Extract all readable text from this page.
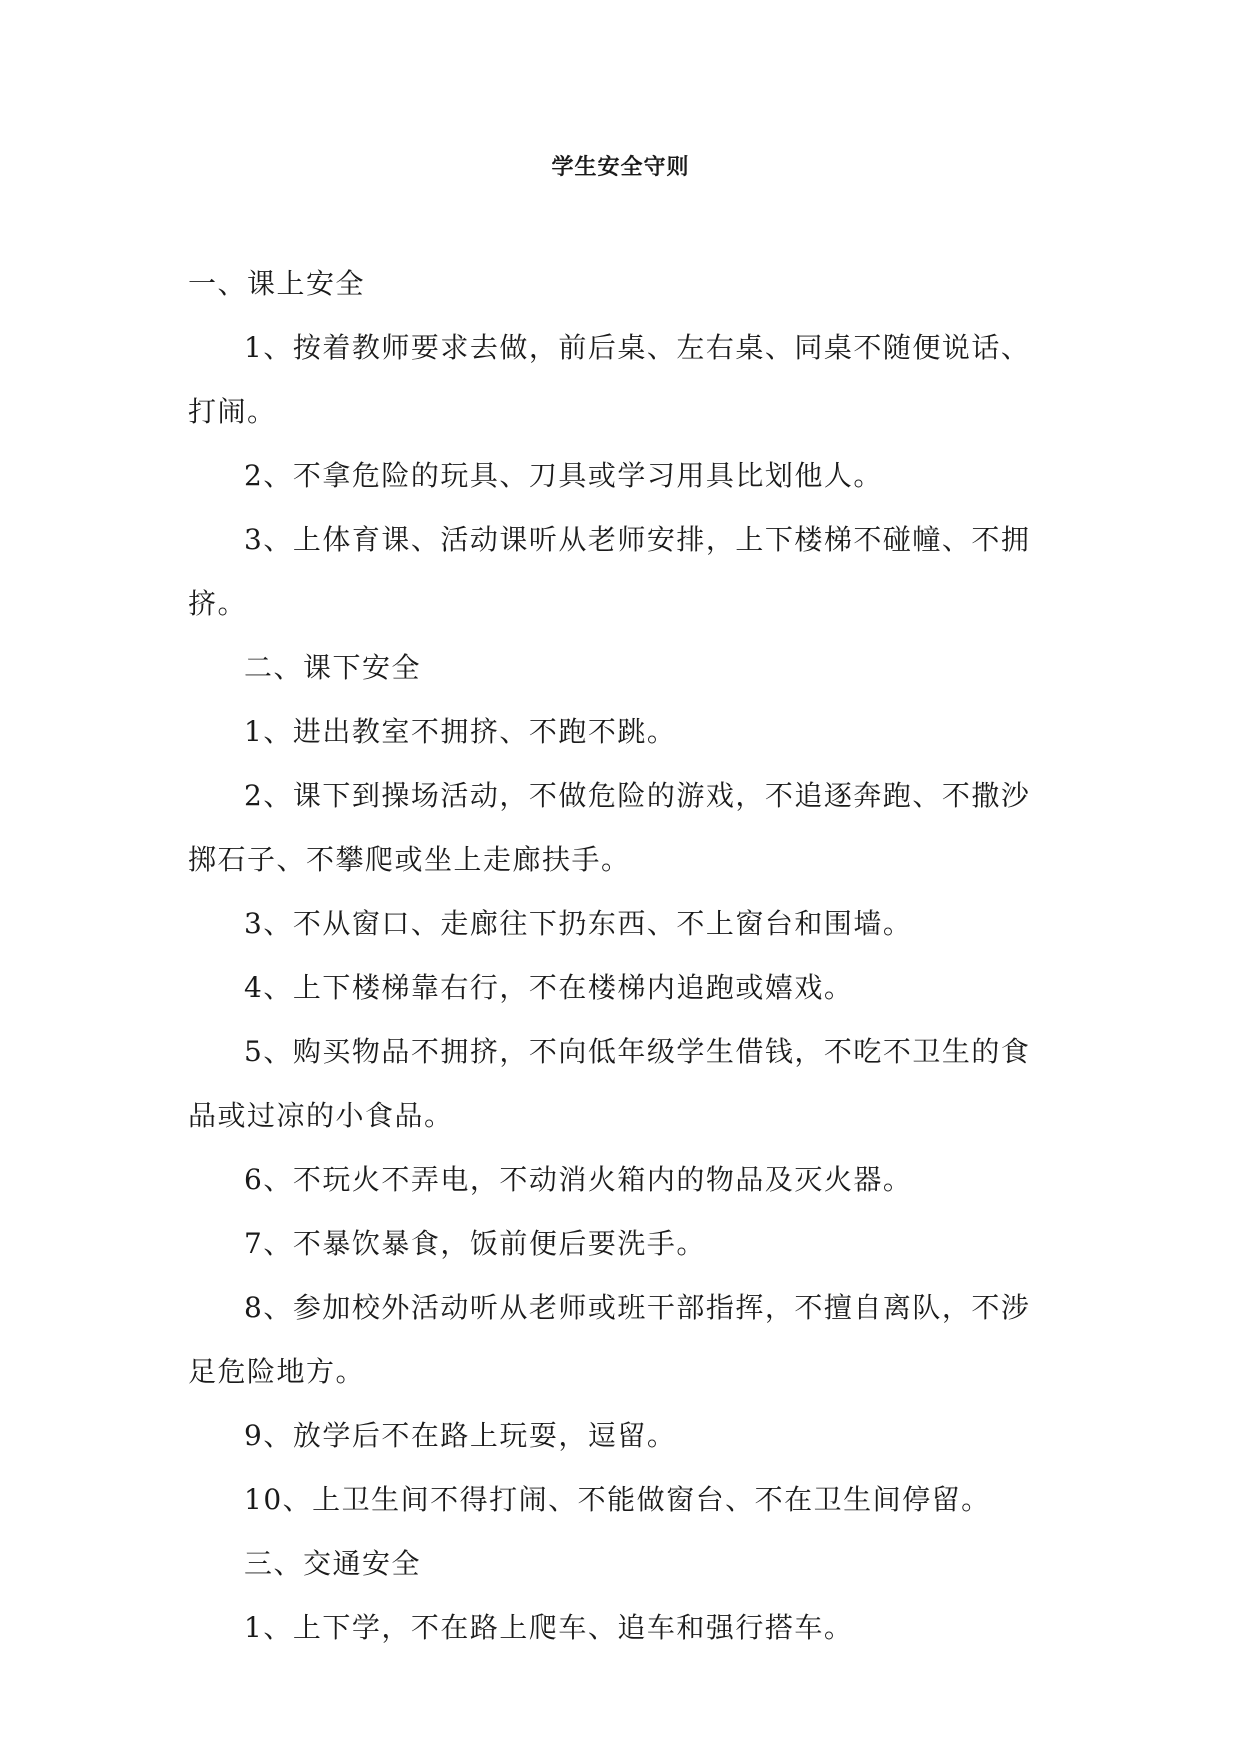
学生安全守则

一、课上安全

1、按着教师要求去做，前后桌、左右桌、同桌不随便说话、打闹。

2、不拿危险的玩具、刀具或学习用具比划他人。

3、上体育课、活动课听从老师安排，上下楼梯不碰幢、不拥挤。

二、课下安全

1、进出教室不拥挤、不跑不跳。

2、课下到操场活动，不做危险的游戏，不追逐奔跑、不撒沙掷石子、不攀爬或坐上走廊扶手。

3、不从窗口、走廊往下扔东西、不上窗台和围墙。

4、上下楼梯靠右行，不在楼梯内追跑或嬉戏。

5、购买物品不拥挤，不向低年级学生借钱，不吃不卫生的食品或过凉的小食品。

6、不玩火不弄电，不动消火箱内的物品及灭火器。

7、不暴饮暴食，饭前便后要洗手。

8、参加校外活动听从老师或班干部指挥，不擅自离队，不涉足危险地方。

9、放学后不在路上玩耍，逗留。

10、上卫生间不得打闹、不能做窗台、不在卫生间停留。

三、交通安全

1、上下学，不在路上爬车、追车和强行搭车。
